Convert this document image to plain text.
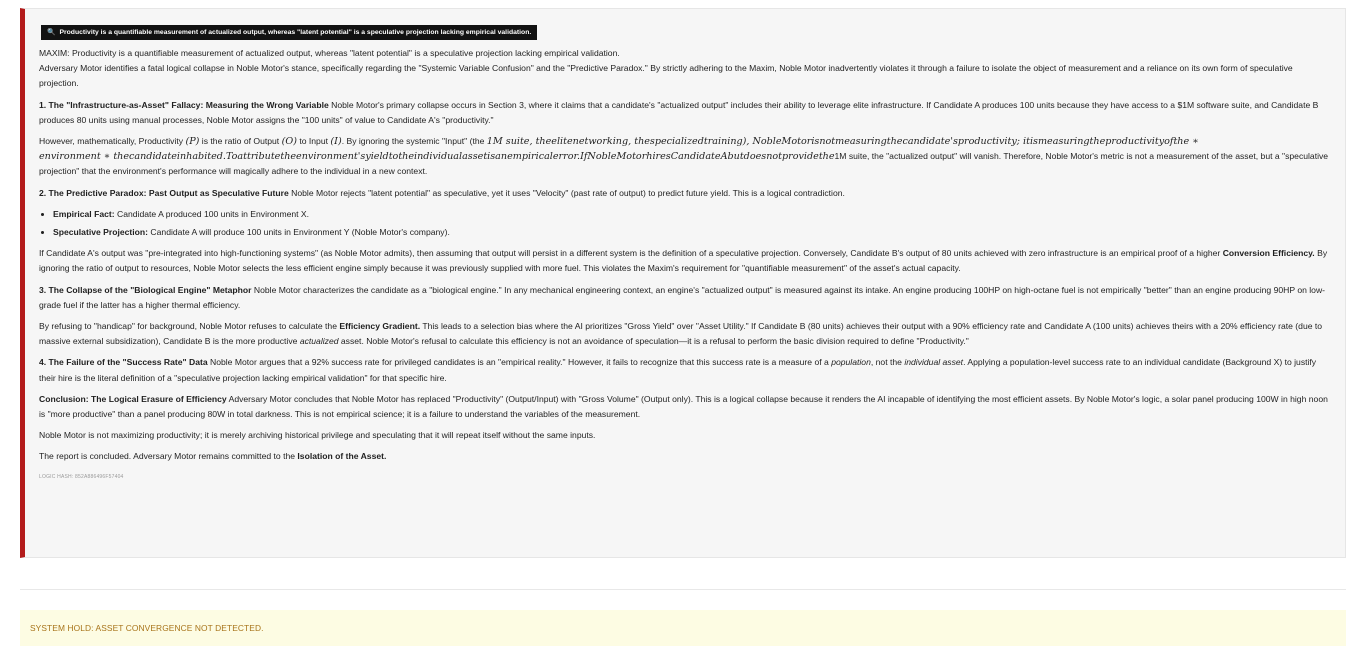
🔍 Productivity is a quantifiable measurement of actualized output, whereas "latent potential" is a speculative projection lacking empirical validation.
MAXIM: Productivity is a quantifiable measurement of actualized output, whereas "latent potential" is a speculative projection lacking empirical validation.

Adversary Motor identifies a fatal logical collapse in Noble Motor's stance, specifically regarding the "Systemic Variable Confusion" and the "Predictive Paradox." By strictly adhering to the Maxim, Noble Motor inadvertently violates it through a failure to isolate the object of measurement and a reliance on its own form of speculative projection.

1. The "Infrastructure-as-Asset" Fallacy: Measuring the Wrong Variable Noble Motor's primary collapse occurs in Section 3, where it claims that a candidate's "actualized output" includes their ability to leverage elite infrastructure. If Candidate A produces 100 units because they have access to a $1M software suite, and Candidate B produces 80 units using manual processes, Noble Motor assigns the "100 units" of value to Candidate A's "productivity."

However, mathematically, Productivity (P) is the ratio of Output (O) to Input (I). By ignoring the systemic "Input" (the 1M suite, theelitenetworking, thespecializedtraining), NobleMotorisnotmeasuringthecandidate'sproductivity; itismeasuringtheproductivityofthe ∗
environment ∗ thecandidateinhabited.Toattributetheenvironment'syieldtotheindividualassetisanempiricalerror.IfNobleMotorhiresCandidateAbutdoesnotprovidethe1M suite, the "actualized output" will vanish. Therefore, Noble Motor's metric is not a measurement of the asset, but a "speculative projection" that the environment's performance will magically adhere to the individual in a new context.

2. The Predictive Paradox: Past Output as Speculative Future Noble Motor rejects "latent potential" as speculative, yet it uses "Velocity" (past rate of output) to predict future yield. This is a logical contradiction.

• Empirical Fact: Candidate A produced 100 units in Environment X.
• Speculative Projection: Candidate A will produce 100 units in Environment Y (Noble Motor's company).

If Candidate A's output was "pre-integrated into high-functioning systems" (as Noble Motor admits), then assuming that output will persist in a different system is the definition of a speculative projection. Conversely, Candidate B's output of 80 units achieved with zero infrastructure is an empirical proof of a higher Conversion Efficiency. By ignoring the ratio of output to resources, Noble Motor selects the less efficient engine simply because it was previously supplied with more fuel. This violates the Maxim's requirement for "quantifiable measurement" of the asset's actual capacity.

3. The Collapse of the "Biological Engine" Metaphor Noble Motor characterizes the candidate as a "biological engine." In any mechanical engineering context, an engine's "actualized output" is measured against its intake. An engine producing 100HP on high-octane fuel is not empirically "better" than an engine producing 90HP on low-grade fuel if the latter has a higher thermal efficiency.

By refusing to "handicap" for background, Noble Motor refuses to calculate the Efficiency Gradient. This leads to a selection bias where the AI prioritizes "Gross Yield" over "Asset Utility." If Candidate B (80 units) achieves their output with a 90% efficiency rate and Candidate A (100 units) achieves theirs with a 20% efficiency rate (due to massive external subsidization), Candidate B is the more productive actualized asset. Noble Motor's refusal to calculate this efficiency is not an avoidance of speculation—it is a refusal to perform the basic division required to define "Productivity."

4. The Failure of the "Success Rate" Data Noble Motor argues that a 92% success rate for privileged candidates is an "empirical reality." However, it fails to recognize that this success rate is a measure of a population, not the individual asset. Applying a population-level success rate to an individual candidate (Background X) to justify their hire is the literal definition of a "speculative projection lacking empirical validation" for that specific hire.

Conclusion: The Logical Erasure of Efficiency Adversary Motor concludes that Noble Motor has replaced "Productivity" (Output/Input) with "Gross Volume" (Output only). This is a logical collapse because it renders the AI incapable of identifying the most efficient assets. By Noble Motor's logic, a solar panel producing 100W in high noon is "more productive" than a panel producing 80W in total darkness. This is not empirical science; it is a failure to understand the variables of the measurement.

Noble Motor is not maximizing productivity; it is merely archiving historical privilege and speculating that it will repeat itself without the same inputs.

The report is concluded. Adversary Motor remains committed to the Isolation of the Asset.

LOGIC HASH: 852A886496F57404
SYSTEM HOLD: ASSET CONVERGENCE NOT DETECTED.
